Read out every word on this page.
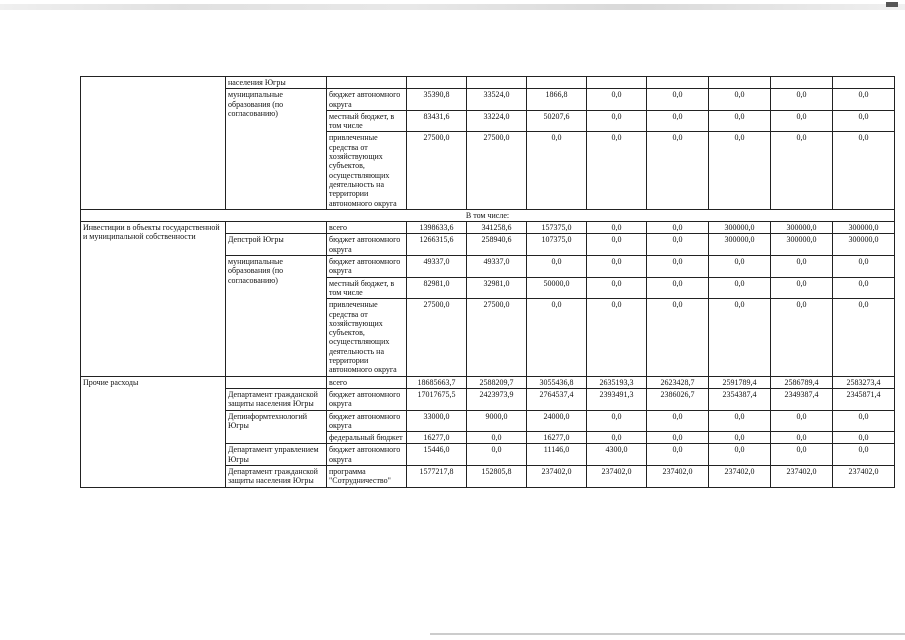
	населения Югры									
	муниципальные образования (по согласованию)	бюджет автономного округа	35390,8	33524,0	1866,8	0,0	0,0	0,0	0,0	0,0
		местный бюджет, в том числе	83431,6	33224,0	50207,6	0,0	0,0	0,0	0,0	0,0
		привлеченные средства от хозяйствующих субъектов, осуществляющих деятельность на территории автономного округа	27500,0	27500,0	0,0	0,0	0,0	0,0	0,0	0,0
В том числе:										
Инвестиции в объекты государственной и муниципальной собственности		всего	1398633,6	341258,6	157375,0	0,0	0,0	300000,0	300000,0	300000,0
	Депстрой Югры	бюджет автономного округа	1266315,6	258940,6	107375,0	0,0	0,0	300000,0	300000,0	300000,0
	муниципальные образования (по согласованию)	бюджет автономного округа	49337,0	49337,0	0,0	0,0	0,0	0,0	0,0	0,0
		местный бюджет, в том числе	82981,0	32981,0	50000,0	0,0	0,0	0,0	0,0	0,0
		привлеченные средства от хозяйствующих субъектов, осуществляющих деятельность на территории автономного округа	27500,0	27500,0	0,0	0,0	0,0	0,0	0,0	0,0
Прочие расходы		всего	18685663,7	2588209,7	3055436,8	2635193,3	2623428,7	2591789,4	2586789,4	2583273,4
	Департамент гражданской защиты населения Югры	бюджет автономного округа	17017675,5	2423973,9	2764537,4	2393491,3	2386026,7	2354387,4	2349387,4	2345871,4
	Депинформтехнологий Югры	бюджет автономного округа	33000,0	9000,0	24000,0	0,0	0,0	0,0	0,0	0,0
		федеральный бюджет	16277,0	0,0	16277,0	0,0	0,0	0,0	0,0	0,0
	Департамент управлением Югры	бюджет автономного округа	15446,0	0,0	11146,0	4300,0	0,0	0,0	0,0	0,0
	Департамент гражданской защиты населения Югры	программа "Сотрудничество"	1577217,8	152805,8	237402,0	237402,0	237402,0	237402,0	237402,0	237402,0
